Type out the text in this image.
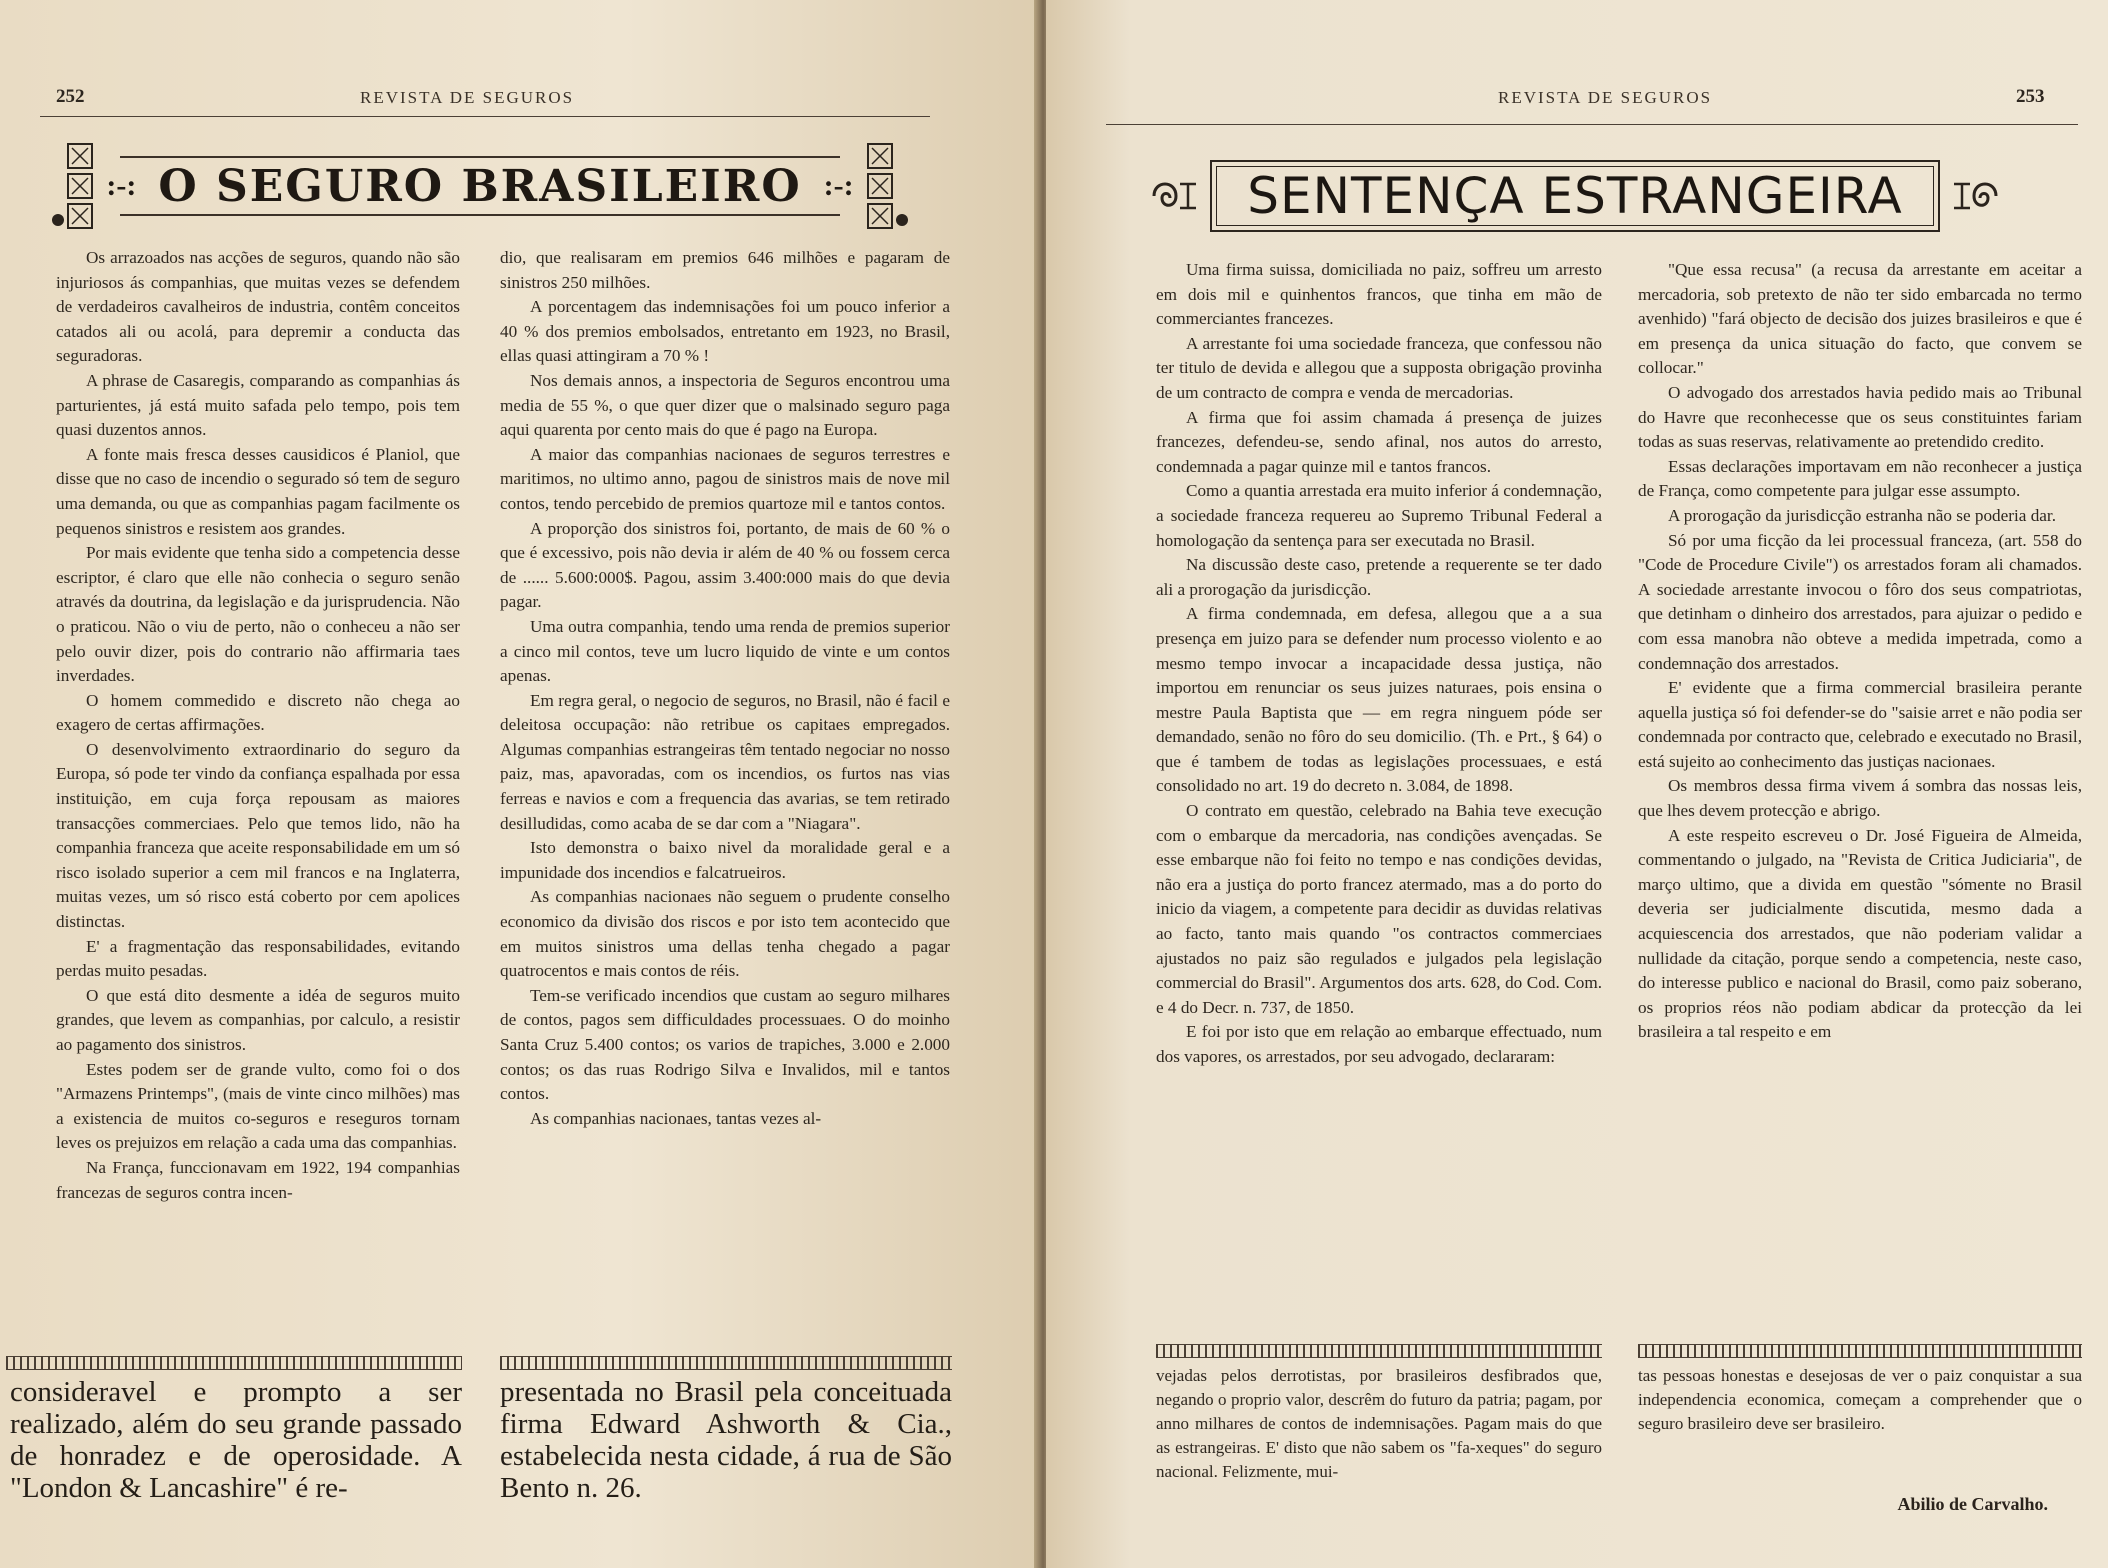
252	REVISTA DE SEGUROS
:-: O SEGURO BRASILEIRO :-:

Os arrazoados nas acções de seguros, quando não são injuriosos ás companhias, que muitas vezes se defendem de verdadeiros cavalheiros de industria, contêm conceitos catados ali ou acolá, para depremir a conducta das seguradoras.

A phrase de Casaregis, comparando as companhias ás parturientes, já está muito safada pelo tempo, pois tem quasi duzentos annos.

A fonte mais fresca desses causidicos é Planiol, que disse que no caso de incendio o segurado só tem de seguro uma demanda, ou que as companhias pagam facilmente os pequenos sinistros e resistem aos grandes.

Por mais evidente que tenha sido a competencia desse escriptor, é claro que elle não conhecia o seguro senão através da doutrina, da legislação e da jurisprudencia. Não o praticou. Não o viu de perto, não o conheceu a não ser pelo ouvir dizer, pois do contrario não affirmaria taes inverdades.

O homem commedido e discreto não chega ao exagero de certas affirmações.

O desenvolvimento extraordinario do seguro da Europa, só pode ter vindo da confiança espalhada por essa instituição, em cuja força repousam as maiores transacções commerciaes. Pelo que temos lido, não ha companhia franceza que aceite responsabilidade em um só risco isolado superior a cem mil francos e na Inglaterra, muitas vezes, um só risco está coberto por cem apolices distinctas.

E' a fragmentação das responsabilidades, evitando perdas muito pesadas.

O que está dito desmente a idéa de seguros muito grandes, que levem as companhias, por calculo, a resistir ao pagamento dos sinistros.

Estes podem ser de grande vulto, como foi o dos "Armazens Printemps", (mais de vinte cinco milhões) mas a existencia de muitos co-seguros e reseguros tornam leves os prejuizos em relação a cada uma das companhias.

Na França, funccionavam em 1922, 194 companhias francezas de seguros contra incen-

dio, que realisaram em premios 646 milhões e pagaram de sinistros 250 milhões.

A porcentagem das indemnisações foi um pouco inferior a 40 % dos premios embolsados, entretanto em 1923, no Brasil, ellas quasi attingiram a 70 % !

Nos demais annos, a inspectoria de Seguros encontrou uma media de 55 %, o que quer dizer que o malsinado seguro paga aqui quarenta por cento mais do que é pago na Europa.

A maior das companhias nacionaes de seguros terrestres e maritimos, no ultimo anno, pagou de sinistros mais de nove mil contos, tendo percebido de premios quartoze mil e tantos contos.

A proporção dos sinistros foi, portanto, de mais de 60 % o que é excessivo, pois não devia ir além de 40 % ou fossem cerca de ...... 5.600:000$. Pagou, assim 3.400:000 mais do que devia pagar.

Uma outra companhia, tendo uma renda de premios superior a cinco mil contos, teve um lucro liquido de vinte e um contos apenas.

Em regra geral, o negocio de seguros, no Brasil, não é facil e deleitosa occupação: não retribue os capitaes empregados. Algumas companhias estrangeiras têm tentado negociar no nosso paiz, mas, apavoradas, com os incendios, os furtos nas vias ferreas e navios e com a frequencia das avarias, se tem retirado desilludidas, como acaba de se dar com a "Niagara".

Isto demonstra o baixo nivel da moralidade geral e a impunidade dos incendios e falcatrueiros.

As companhias nacionaes não seguem o prudente conselho economico da divisão dos riscos e por isto tem acontecido que em muitos sinistros uma dellas tenha chegado a pagar quatrocentos e mais contos de réis.

Tem-se verificado incendios que custam ao seguro milhares de contos, pagos sem difficuldades processuaes. O do moinho Santa Cruz 5.400 contos; os varios de trapiches, 3.000 e 2.000 contos; os das ruas Rodrigo Silva e Invalidos, mil e tantos contos.

As companhias nacionaes, tantas vezes al-

consideravel e prompto a ser realizado, além do seu grande passado de honradez e de operosidade. A "London & Lancashire" é re-

presentada no Brasil pela conceituada firma Edward Ashworth & Cia., estabelecida nesta cidade, á rua de São Bento n. 26.

REVISTA DE SEGUROS	253
SENTENÇA ESTRANGEIRA

Uma firma suissa, domiciliada no paiz, soffreu um arresto em dois mil e quinhentos francos, que tinha em mão de commerciantes francezes.

A arrestante foi uma sociedade franceza, que confessou não ter titulo de devida e allegou que a supposta obrigação provinha de um contracto de compra e venda de mercadorias.

A firma que foi assim chamada á presença de juizes francezes, defendeu-se, sendo afinal, nos autos do arresto, condemnada a pagar quinze mil e tantos francos.

Como a quantia arrestada era muito inferior á condemnação, a sociedade franceza requereu ao Supremo Tribunal Federal a homologação da sentença para ser executada no Brasil.

Na discussão deste caso, pretende a requerente se ter dado ali a prorogação da jurisdicção.

A firma condemnada, em defesa, allegou que a a sua presença em juizo para se defender num processo violento e ao mesmo tempo invocar a incapacidade dessa justiça, não importou em renunciar os seus juizes naturaes, pois ensina o mestre Paula Baptista que — em regra ninguem póde ser demandado, senão no fôro do seu domicilio. (Th. e Prt., § 64) o que é tambem de todas as legislações processuaes, e está consolidado no art. 19 do decreto n. 3.084, de 1898.

O contrato em questão, celebrado na Bahia teve execução com o embarque da mercadoria, nas condições avençadas. Se esse embarque não foi feito no tempo e nas condições devidas, não era a justiça do porto francez atermado, mas a do porto do inicio da viagem, a competente para decidir as duvidas relativas ao facto, tanto mais quando "os contractos commerciaes ajustados no paiz são regulados e julgados pela legislação commercial do Brasil". Argumentos dos arts. 628, do Cod. Com. e 4 do Decr. n. 737, de 1850.

E foi por isto que em relação ao embarque effectuado, num dos vapores, os arrestados, por seu advogado, declararam:

"Que essa recusa" (a recusa da arrestante em aceitar a mercadoria, sob pretexto de não ter sido embarcada no termo avenhido) "fará objecto de decisão dos juizes brasileiros e que é em presença da unica situação do facto, que convem se collocar."

O advogado dos arrestados havia pedido mais ao Tribunal do Havre que reconhecesse que os seus constituintes fariam todas as suas reservas, relativamente ao pretendido credito.

Essas declarações importavam em não reconhecer a justiça de França, como competente para julgar esse assumpto.

A prorogação da jurisdicção estranha não se poderia dar.

Só por uma ficção da lei processual franceza, (art. 558 do "Code de Procedure Civile") os arrestados foram ali chamados. A sociedade arrestante invocou o fôro dos seus compatriotas, que detinham o dinheiro dos arrestados, para ajuizar o pedido e com essa manobra não obteve a medida impetrada, como a condemnação dos arrestados.

E' evidente que a firma commercial brasileira perante aquella justiça só foi defender-se do "saisie arret e não podia ser condemnada por contracto que, celebrado e executado no Brasil, está sujeito ao conhecimento das justiças nacionaes.

Os membros dessa firma vivem á sombra das nossas leis, que lhes devem protecção e abrigo.

A este respeito escreveu o Dr. José Figueira de Almeida, commentando o julgado, na "Revista de Critica Judiciaria", de março ultimo, que a divida em questão "sómente no Brasil deveria ser judicialmente discutida, mesmo dada a acquiescencia dos arrestados, que não poderiam validar a nullidade da citação, porque sendo a competencia, neste caso, do interesse publico e nacional do Brasil, como paiz soberano, os proprios réos não podiam abdicar da protecção da lei brasileira a tal respeito e em

vejadas pelos derrotistas, por brasileiros desfibrados que, negando o proprio valor, descrêm do futuro da patria; pagam, por anno milhares de contos de indemnisações. Pagam mais do que as estrangeiras. E' disto que não sabem os "fa-xeques" do seguro nacional. Felizmente, mui-

tas pessoas honestas e desejosas de ver o paiz conquistar a sua independencia economica, começam a comprehender que o seguro brasileiro deve ser brasileiro.

Abilio de Carvalho.
